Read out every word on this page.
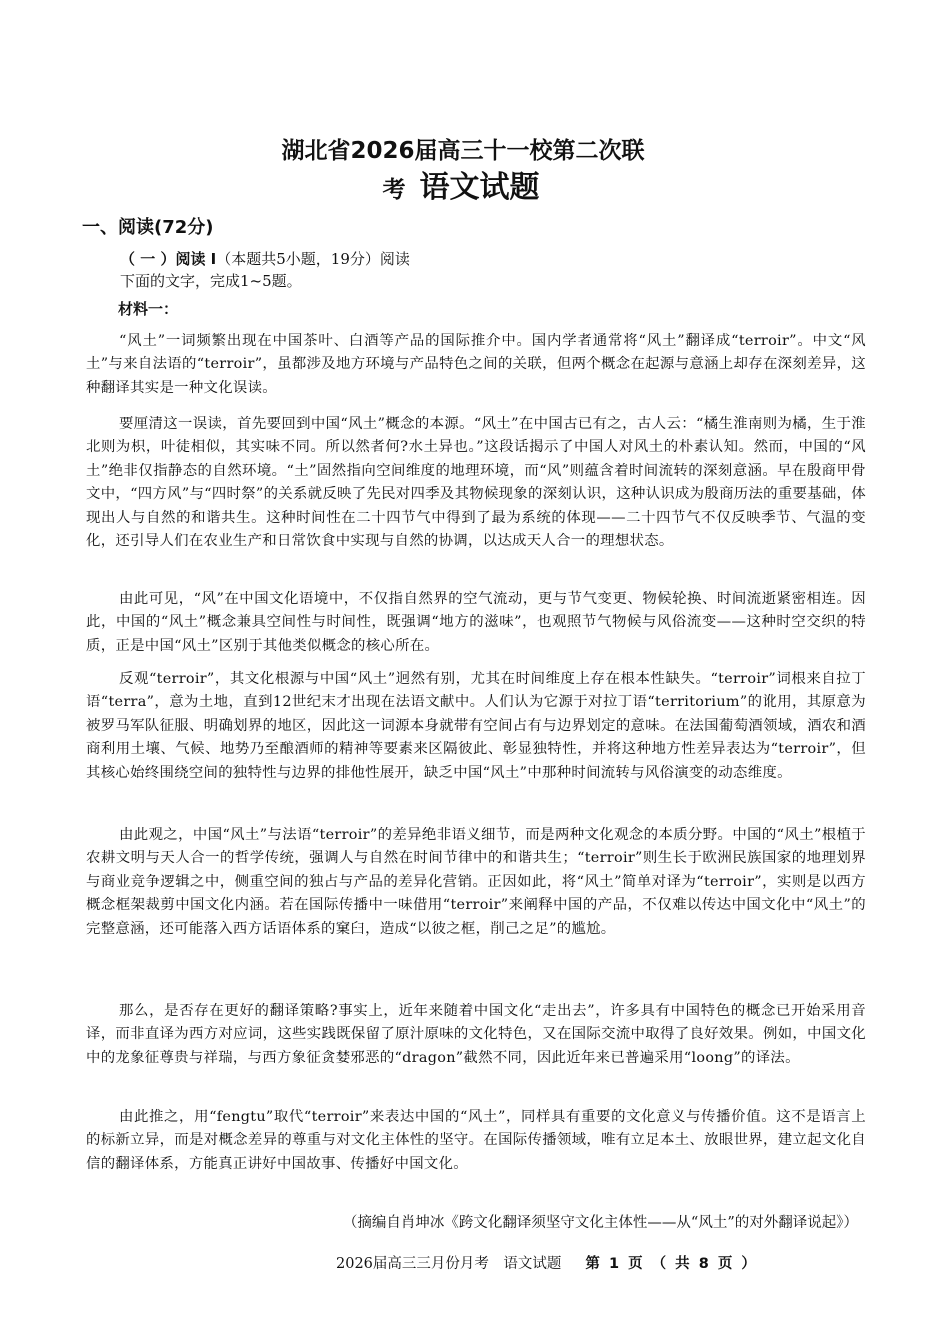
湖北省2026届高三十一校第二次联
考 语文试题
一、阅读(72分)
（ 一 ）阅读 I（本题共5小题，19分）阅读下面的文字，完成1~5题。
材料一：
“风土”一词频繁出现在中国茶叶、白酒等产品的国际推介中。国内学者通常将“风土”翻译成“terroir”。中文“风土”与来自法语的“terroir”，虽都涉及地方环境与产品特色之间的关联，但两个概念在起源与意涵上却存在深刻差异，这种翻译其实是一种文化误读。
要厘清这一误读，首先要回到中国“风土”概念的本源。“风土”在中国古已有之，古人云：“橘生淮南则为橘，生于淮北则为枳，叶徒相似，其实味不同。所以然者何?水土异也。”这段话揭示了中国人对风土的朴素认知。然而，中国的“风土”绝非仅指静态的自然环境。“土”固然指向空间维度的地理环境，而“风”则蕴含着时间流转的深刻意涵。早在殷商甲骨文中，“四方风”与“四时祭”的关系就反映了先民对四季及其物候现象的深刻认识，这种认识成为殷商历法的重要基础，体现出人与自然的和谐共生。这种时间性在二十四节气中得到了最为系统的体现——二十四节气不仅反映季节、气温的变化，还引导人们在农业生产和日常饮食中实现与自然的协调，以达成天人合一的理想状态。
由此可见，“风”在中国文化语境中，不仅指自然界的空气流动，更与节气变更、物候轮换、时间流逝紧密相连。因此，中国的“风土”概念兼具空间性与时间性，既强调“地方的滋味”，也观照节气物候与风俗流变——这种时空交织的特质，正是中国“风土”区别于其他类似概念的核心所在。
反观“terroir”，其文化根源与中国“风土”迥然有别，尤其在时间维度上存在根本性缺失。“terroir”词根来自拉丁语“terra”，意为土地，直到12世纪末才出现在法语文献中。人们认为它源于对拉丁语“territorium”的讹用，其原意为被罗马军队征服、明确划界的地区，因此这一词源本身就带有空间占有与边界划定的意味。在法国葡萄酒领域，酒农和酒商利用土壤、气候、地势乃至酿酒师的精神等要素来区隔彼此、彰显独特性，并将这种地方性差异表达为“terroir”，但其核心始终围绕空间的独特性与边界的排他性展开，缺乏中国“风土”中那种时间流转与风俗演变的动态维度。
由此观之，中国“风土”与法语“terroir”的差异绝非语义细节，而是两种文化观念的本质分野。中国的“风土”根植于农耕文明与天人合一的哲学传统，强调人与自然在时间节律中的和谐共生；“terroir”则生长于欧洲民族国家的地理划界与商业竞争逻辑之中，侧重空间的独占与产品的差异化营销。正因如此，将“风土”简单对译为“terroir”，实则是以西方概念框架裁剪中国文化内涵。若在国际传播中一味借用“terroir”来阐释中国的产品，不仅难以传达中国文化中“风土”的完整意涵，还可能落入西方话语体系的窠臼，造成“以彼之框，削己之足”的尴尬。
那么，是否存在更好的翻译策略?事实上，近年来随着中国文化“走出去”，许多具有中国特色的概念已开始采用音译，而非直译为西方对应词，这些实践既保留了原汁原味的文化特色，又在国际交流中取得了良好效果。例如，中国文化中的龙象征尊贵与祥瑞，与西方象征贪婪邪恶的“dragon”截然不同，因此近年来已普遍采用“loong”的译法。
由此推之，用“fengtu”取代“terroir”来表达中国的“风土”，同样具有重要的文化意义与传播价值。这不是语言上的标新立异，而是对概念差异的尊重与对文化主体性的坚守。在国际传播领域，唯有立足本土、放眼世界，建立起文化自信的翻译体系，方能真正讲好中国故事、传播好中国文化。
（摘编自肖坤冰《跨文化翻译须坚守文化主体性——从“风土”的对外翻译说起》）
2026届高三三月份月考　语文试题 第 1 页 （ 共 8 页 ）
